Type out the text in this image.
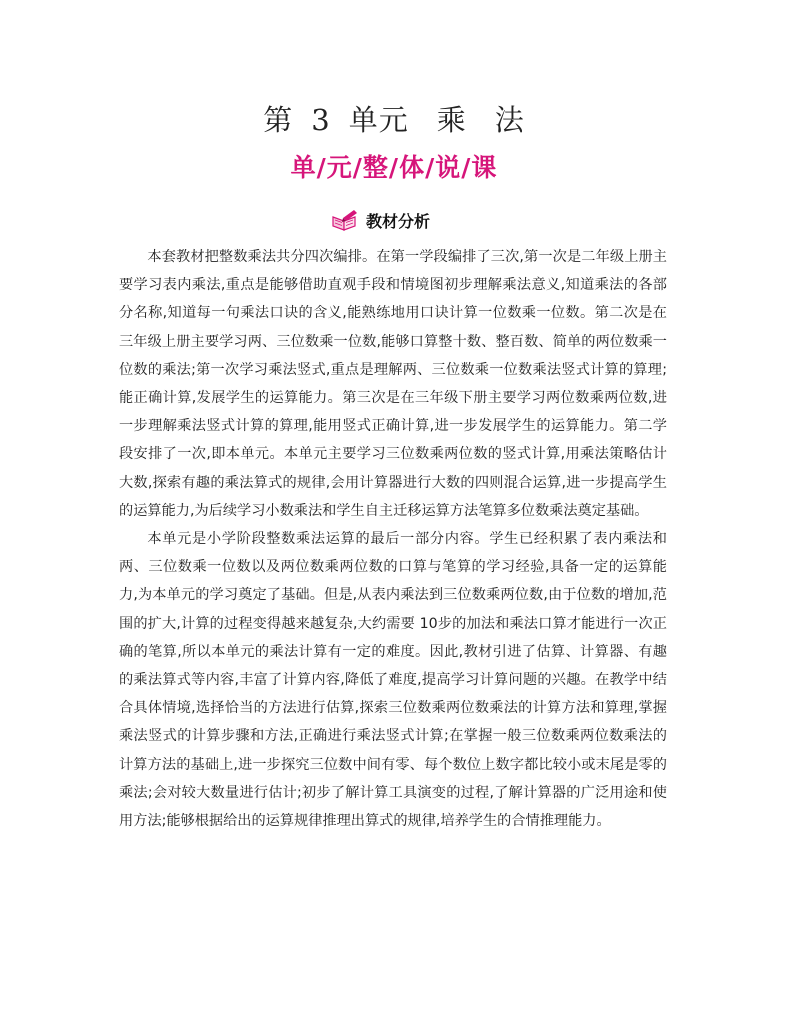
第 3 单元 乘 法
单/元/整/体/说/课
教材分析

本套教材把整数乘法共分四次编排。在第一学段编排了三次,第一次是二年级上册主要学习表内乘法,重点是能够借助直观手段和情境图初步理解乘法意义,知道乘法的各部分名称,知道每一句乘法口诀的含义,能熟练地用口诀计算一位数乘一位数。第二次是在三年级上册主要学习两、三位数乘一位数,能够口算整十数、整百数、简单的两位数乘一位数的乘法;第一次学习乘法竖式,重点是理解两、三位数乘一位数乘法竖式计算的算理;能正确计算,发展学生的运算能力。第三次是在三年级下册主要学习两位数乘两位数,进一步理解乘法竖式计算的算理,能用竖式正确计算,进一步发展学生的运算能力。第二学段安排了一次,即本单元。本单元主要学习三位数乘两位数的竖式计算,用乘法策略估计大数,探索有趣的乘法算式的规律,会用计算器进行大数的四则混合运算,进一步提高学生的运算能力,为后续学习小数乘法和学生自主迁移运算方法笔算多位数乘法奠定基础。

本单元是小学阶段整数乘法运算的最后一部分内容。学生已经积累了表内乘法和两、三位数乘一位数以及两位数乘两位数的口算与笔算的学习经验,具备一定的运算能力,为本单元的学习奠定了基础。但是,从表内乘法到三位数乘两位数,由于位数的增加,范围的扩大,计算的过程变得越来越复杂,大约需要 10步的加法和乘法口算才能进行一次正确的笔算,所以本单元的乘法计算有一定的难度。因此,教材引进了估算、计算器、有趣的乘法算式等内容,丰富了计算内容,降低了难度,提高学习计算问题的兴趣。在教学中结合具体情境,选择恰当的方法进行估算,探索三位数乘两位数乘法的计算方法和算理,掌握乘法竖式的计算步骤和方法,正确进行乘法竖式计算;在掌握一般三位数乘两位数乘法的计算方法的基础上,进一步探究三位数中间有零、每个数位上数字都比较小或末尾是零的乘法;会对较大数量进行估计;初步了解计算工具演变的过程,了解计算器的广泛用途和使用方法;能够根据给出的运算规律推理出算式的规律,培养学生的合情推理能力。
